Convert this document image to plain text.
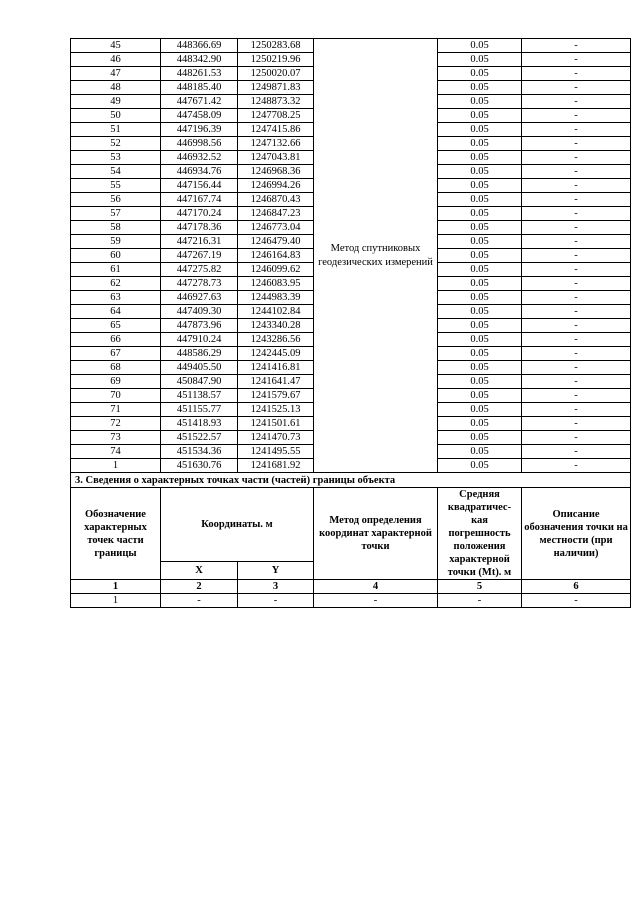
45	448366.69	1250283.68	Метод спутниковых геодезических измерений	0.05	-
46	448342.90	1250219.96		0.05	-
47	448261.53	1250020.07		0.05	-
48	448185.40	1249871.83		0.05	-
49	447671.42	1248873.32		0.05	-
50	447458.09	1247708.25		0.05	-
51	447196.39	1247415.86		0.05	-
52	446998.56	1247132.66		0.05	-
53	446932.52	1247043.81		0.05	-
54	446934.76	1246968.36		0.05	-
55	447156.44	1246994.26		0.05	-
56	447167.74	1246870.43		0.05	-
57	447170.24	1246847.23		0.05	-
58	447178.36	1246773.04		0.05	-
59	447216.31	1246479.40		0.05	-
60	447267.19	1246164.83		0.05	-
61	447275.82	1246099.62		0.05	-
62	447278.73	1246083.95		0.05	-
63	446927.63	1244983.39		0.05	-
64	447409.30	1244102.84		0.05	-
65	447873.96	1243340.28		0.05	-
66	447910.24	1243286.56		0.05	-
67	448586.29	1242445.09		0.05	-
68	449405.50	1241416.81		0.05	-
69	450847.90	1241641.47		0.05	-
70	451138.57	1241579.67		0.05	-
71	451155.77	1241525.13		0.05	-
72	451418.93	1241501.61		0.05	-
73	451522.57	1241470.73		0.05	-
74	451534.36	1241495.55		0.05	-
1	451630.76	1241681.92		0.05	-
3. Сведения о характерных точках части (частей) границы объекта					
Обозначение характерных точек части границы	Координаты. м		Метод определения координат характерной точки	Средняя квадратичес-кая погрешность положения характерной точки (Mt). м	Описание обозначения точки на местности (при наличии)
	X	Y			
1	2	3	4	5	6
1	-	-	-	-	-
